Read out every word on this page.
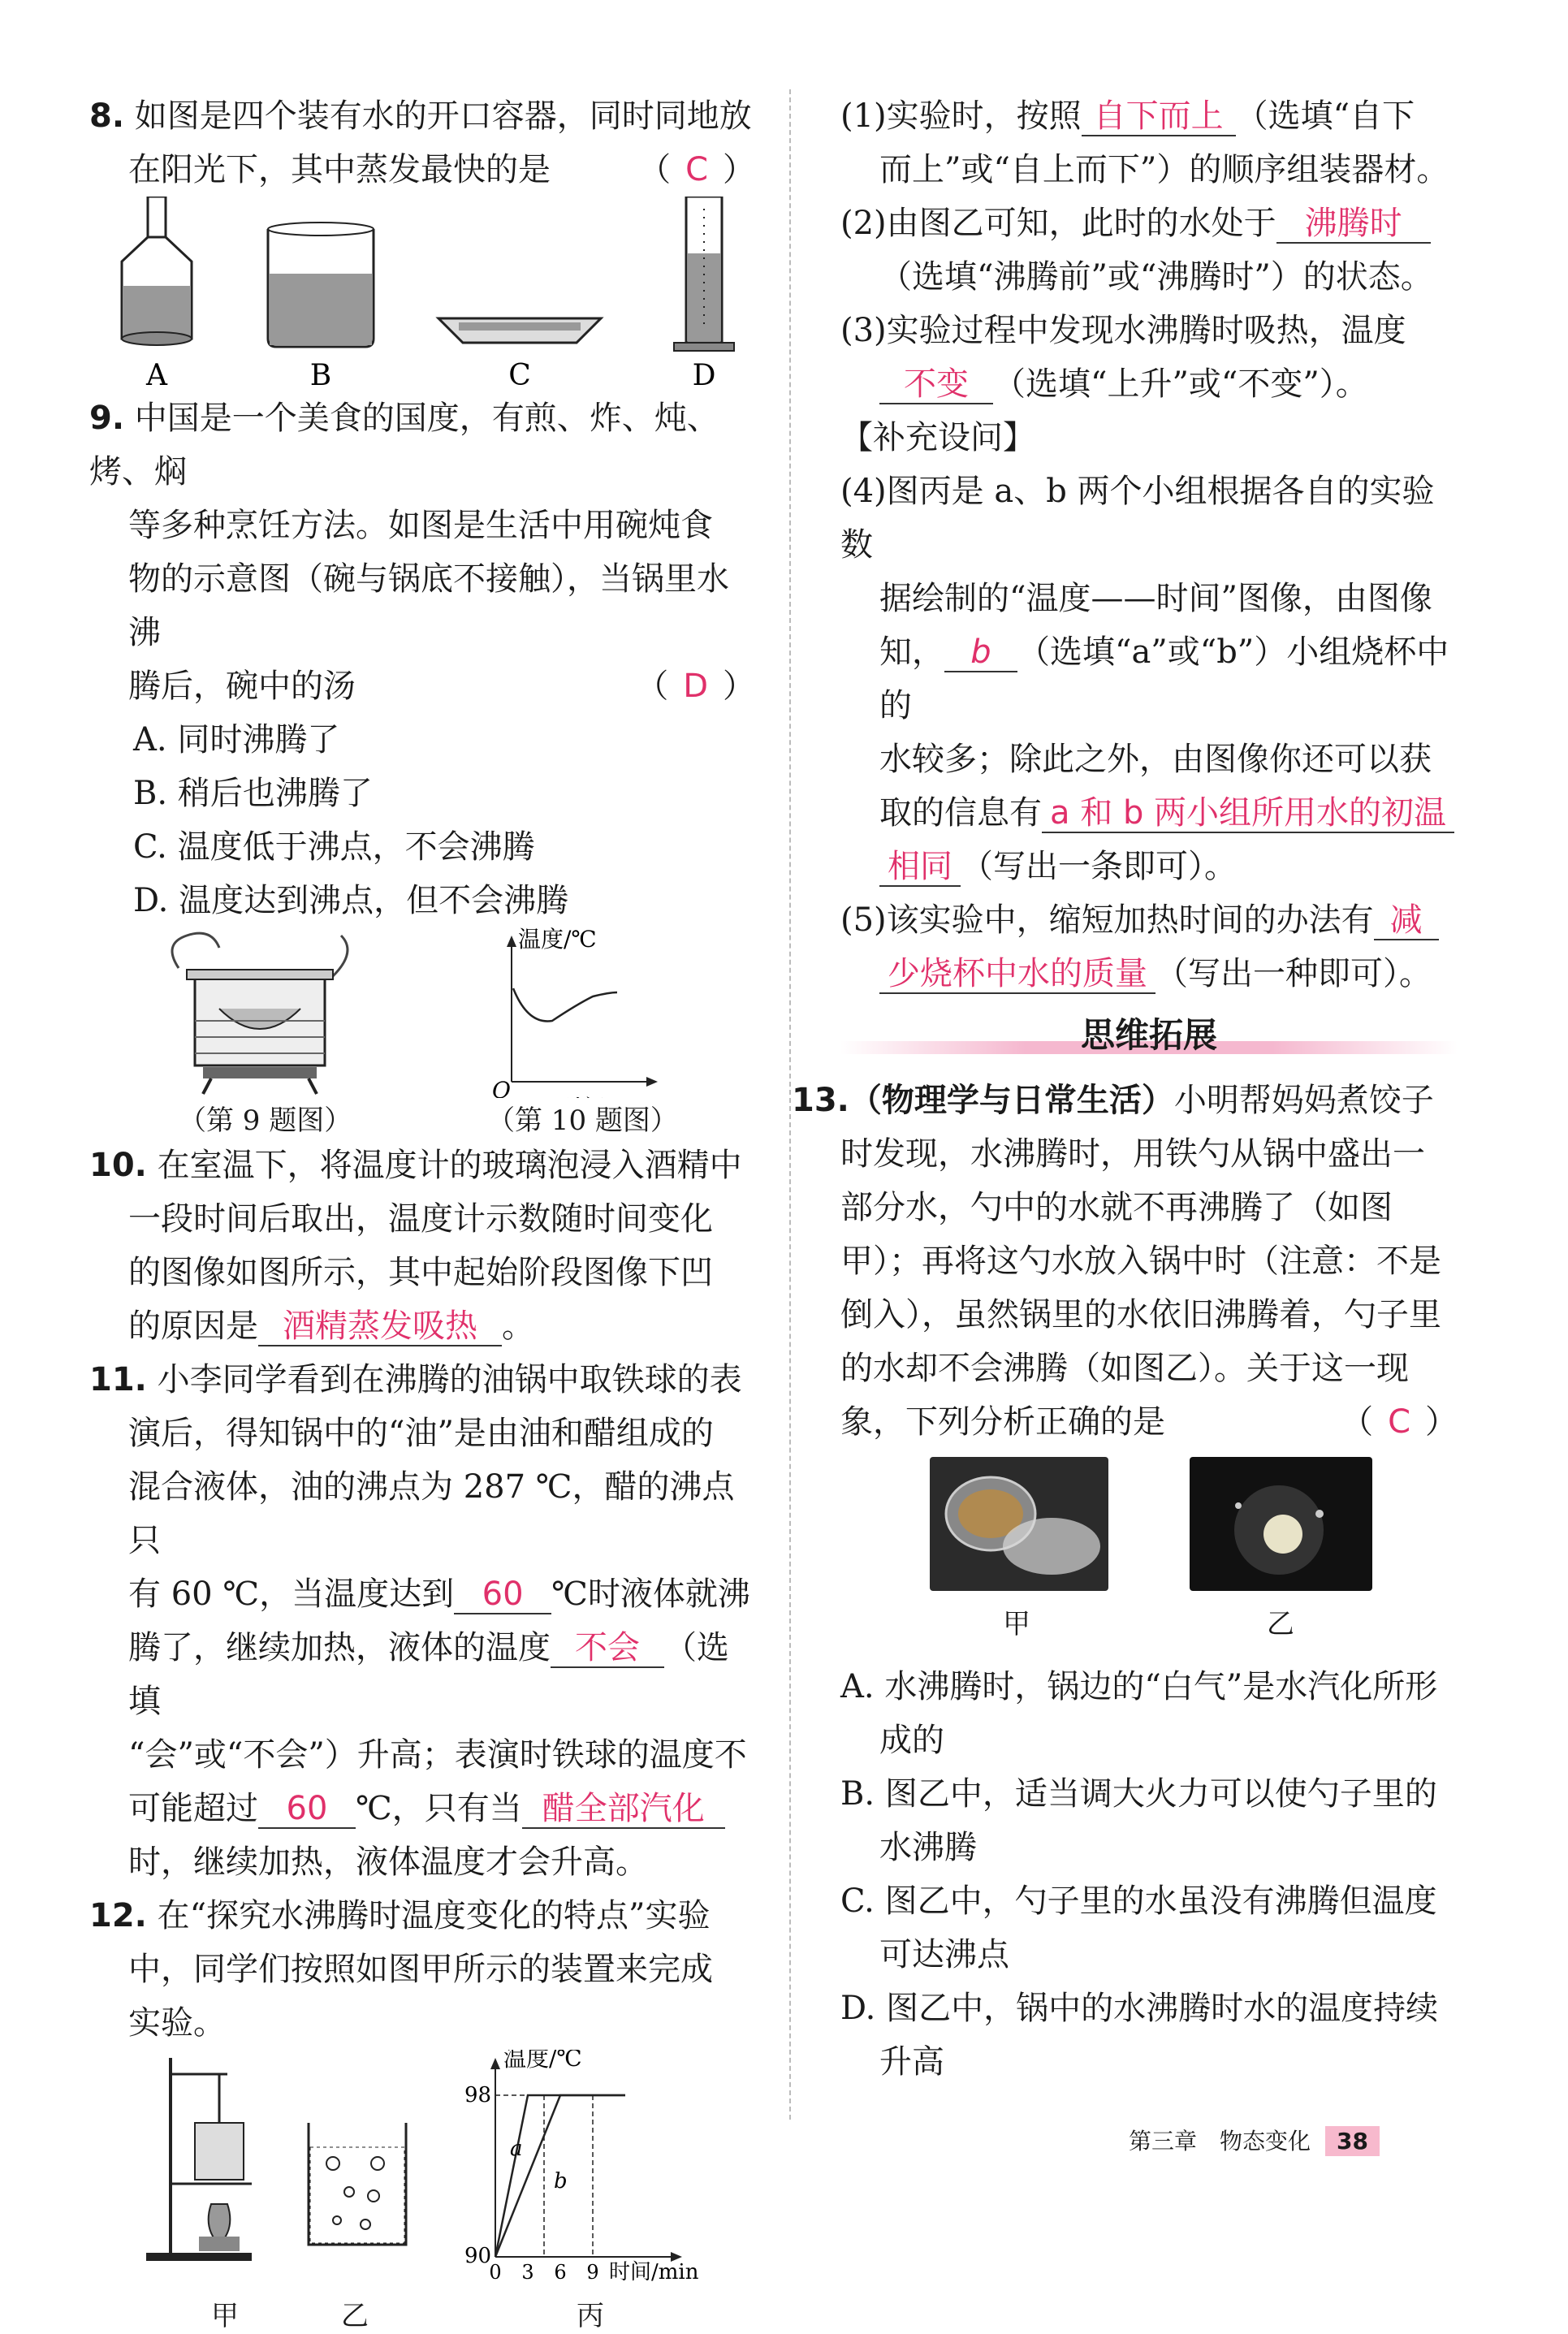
8. 如图是四个装有水的开口容器，同时同地放
在阳光下，其中蒸发最快的是	（ C ）
A	B	C	D
9. 中国是一个美食的国度，有煎、炸、炖、烤、焖
等多种烹饪方法。如图是生活中用碗炖食
物的示意图（碗与锅底不接触），当锅里水沸
腾后，碗中的汤	（ D ）
A. 同时沸腾了
B. 稍后也沸腾了
C. 温度低于沸点，不会沸腾
D. 温度达到沸点，但不会沸腾
温度/℃
O
（第 9 题图）	（第 10 题图）
10. 在室温下，将温度计的玻璃泡浸入酒精中
一段时间后取出，温度计示数随时间变化
的图像如图所示，其中起始阶段图像下凹
的原因是 酒精蒸发吸热 。
11. 小李同学看到在沸腾的油锅中取铁球的表
演后，得知锅中的“油”是由油和醋组成的
混合液体，油的沸点为 287 ℃，醋的沸点只
有 60 ℃，当温度达到 60 ℃时液体就沸
腾了，继续加热，液体的温度 不会 （选填
“会”或“不会”）升高；表演时铁球的温度不
可能超过 60 ℃，只有当 醋全部汽化
时，继续加热，液体温度才会升高。
12. 在“探究水沸腾时温度变化的特点”实验
中，同学们按照如图甲所示的装置来完成
实验。
温度/℃
时间/min
98
90
0 3 6 9
a
b
甲	乙	丙
(1)实验时，按照 自下而上 （选填“自下
而上”或“自上而下”）的顺序组装器材。
(2)由图乙可知，此时的水处于 沸腾时
（选填“沸腾前”或“沸腾时”）的状态。
(3)实验过程中发现水沸腾时吸热，温度
不变 （选填“上升”或“不变”）。
【补充设问】
(4)图丙是 a、b 两个小组根据各自的实验数
据绘制的“温度——时间”图像，由图像
知， b （选填“a”或“b”）小组烧杯中的
水较多；除此之外，由图像你还可以获
取的信息有 a 和 b 两小组所用水的初温
相同 （写出一条即可）。
(5)该实验中，缩短加热时间的办法有 减
少烧杯中水的质量 （写出一种即可）。
思维拓展
13.（物理学与日常生活）小明帮妈妈煮饺子
时发现，水沸腾时，用铁勺从锅中盛出一
部分水，勺中的水就不再沸腾了（如图
甲）；再将这勺水放入锅中时（注意：不是
倒入），虽然锅里的水依旧沸腾着，勺子里
的水却不会沸腾（如图乙）。关于这一现
象，下列分析正确的是	（ C ）
甲	乙
A. 水沸腾时，锅边的“白气”是水汽化所形
成的
B. 图乙中，适当调大火力可以使勺子里的
水沸腾
C. 图乙中，勺子里的水虽没有沸腾但温度
可达沸点
D. 图乙中，锅中的水沸腾时水的温度持续
升高
第三章　物态变化 38
